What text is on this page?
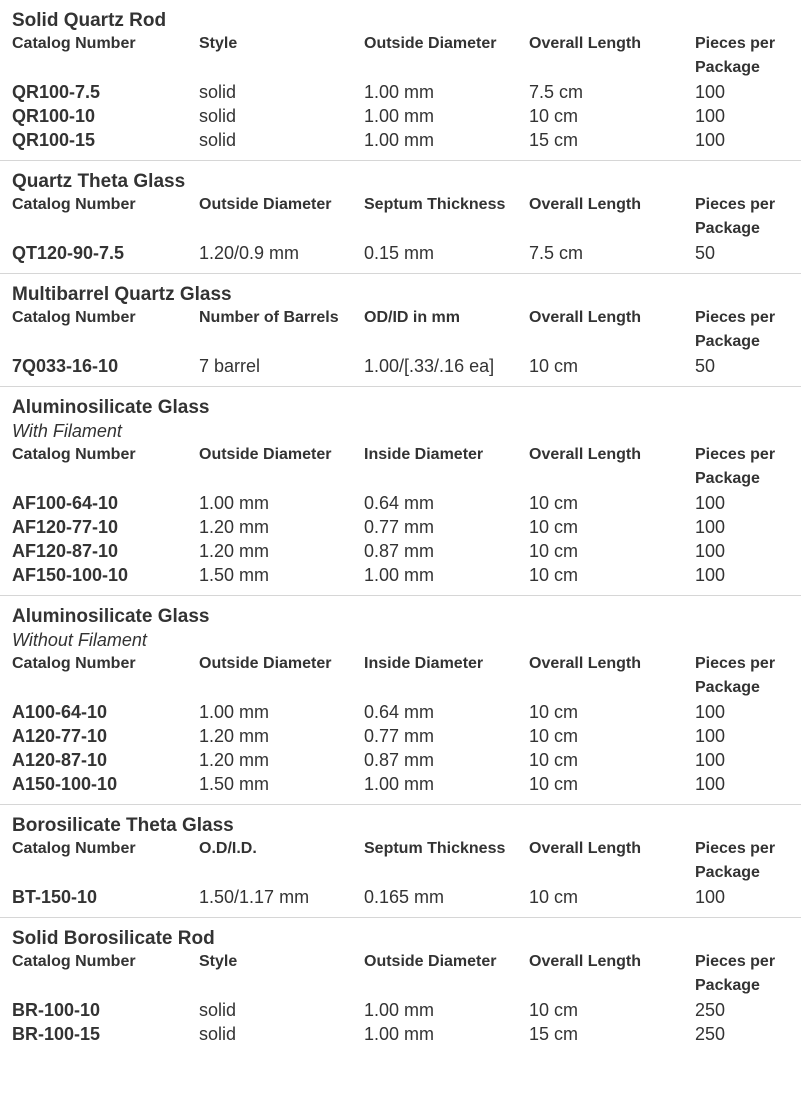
Solid Quartz Rod
Catalog Number	Style	Outside Diameter	Overall Length	Pieces per Package
QR100-7.5	solid	1.00 mm	7.5 cm	100
QR100-10	solid	1.00 mm	10 cm	100
QR100-15	solid	1.00 mm	15 cm	100
Quartz Theta Glass
Catalog Number	Outside Diameter	Septum Thickness	Overall Length	Pieces per Package
QT120-90-7.5	1.20/0.9 mm	0.15 mm	7.5 cm	50
Multibarrel Quartz Glass
Catalog Number	Number of Barrels	OD/ID in mm	Overall Length	Pieces per Package
7Q033-16-10	7 barrel	1.00/[.33/.16 ea]	10 cm	50
Aluminosilicate Glass
With Filament
Catalog Number	Outside Diameter	Inside Diameter	Overall Length	Pieces per Package
AF100-64-10	1.00 mm	0.64 mm	10 cm	100
AF120-77-10	1.20 mm	0.77 mm	10 cm	100
AF120-87-10	1.20 mm	0.87 mm	10 cm	100
AF150-100-10	1.50 mm	1.00 mm	10 cm	100
Aluminosilicate Glass
Without Filament
Catalog Number	Outside Diameter	Inside Diameter	Overall Length	Pieces per Package
A100-64-10	1.00 mm	0.64 mm	10 cm	100
A120-77-10	1.20 mm	0.77 mm	10 cm	100
A120-87-10	1.20 mm	0.87 mm	10 cm	100
A150-100-10	1.50 mm	1.00 mm	10 cm	100
Borosilicate Theta Glass
Catalog Number	O.D/I.D.	Septum Thickness	Overall Length	Pieces per Package
BT-150-10	1.50/1.17 mm	0.165 mm	10 cm	100
Solid Borosilicate Rod
Catalog Number	Style	Outside Diameter	Overall Length	Pieces per Package
BR-100-10	solid	1.00 mm	10 cm	250
BR-100-15	solid	1.00 mm	15 cm	250
